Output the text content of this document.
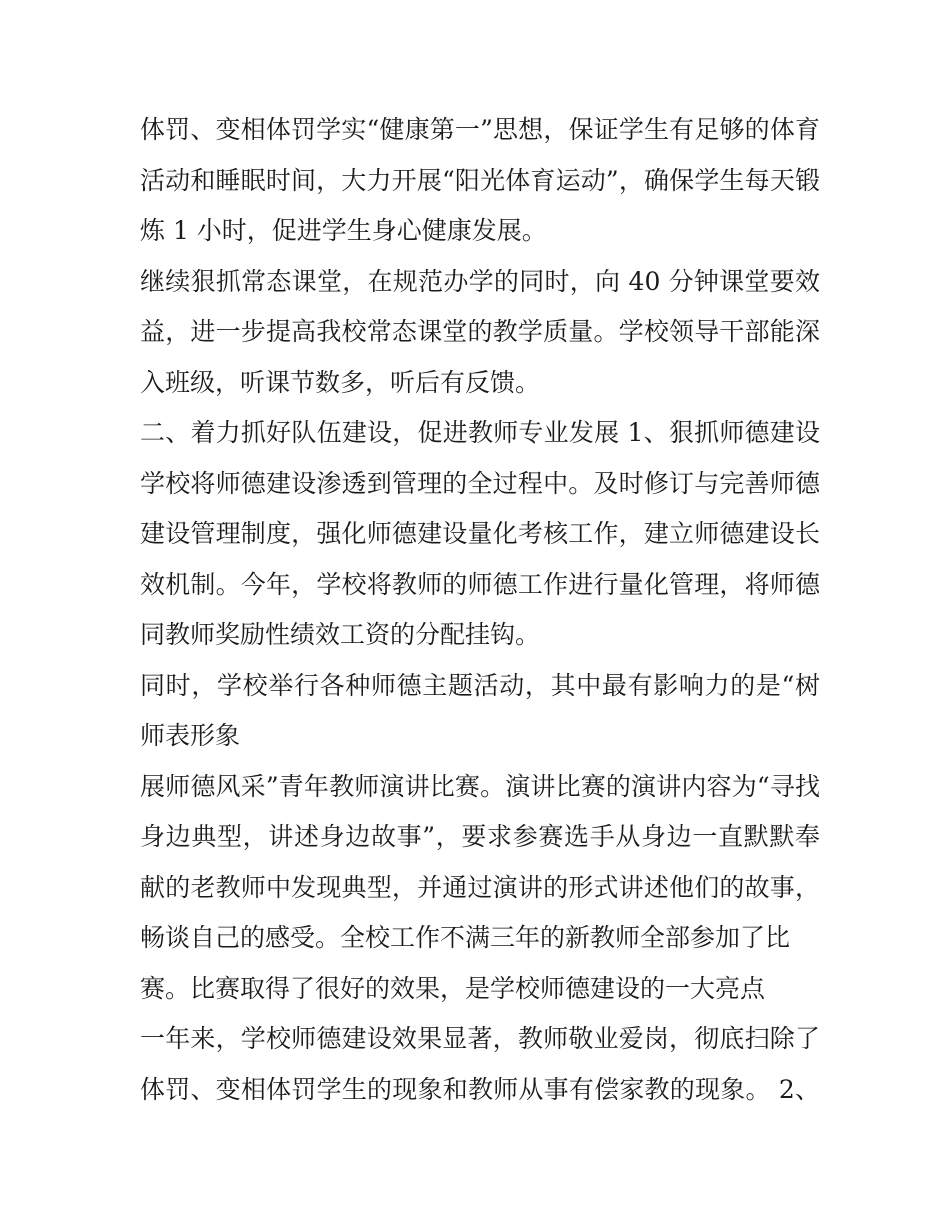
体罚、变相体罚学实“健康第一”思想，保证学生有足够的体育
活动和睡眠时间，大力开展“阳光体育运动”，确保学生每天锻
炼 1 小时，促进学生身心健康发展。
继续狠抓常态课堂，在规范办学的同时，向 40 分钟课堂要效
益，进一步提高我校常态课堂的教学质量。学校领导干部能深
入班级，听课节数多，听后有反馈。
二、着力抓好队伍建设，促进教师专业发展 1、狠抓师德建设
学校将师德建设渗透到管理的全过程中。及时修订与完善师德
建设管理制度，强化师德建设量化考核工作，建立师德建设长
效机制。今年，学校将教师的师德工作进行量化管理，将师德
同教师奖励性绩效工资的分配挂钩。
同时，学校举行各种师德主题活动，其中最有影响力的是“树
师表形象
展师德风采”青年教师演讲比赛。演讲比赛的演讲内容为“寻找
身边典型，讲述身边故事”，要求参赛选手从身边一直默默奉
献的老教师中发现典型，并通过演讲的形式讲述他们的故事，
畅谈自己的感受。全校工作不满三年的新教师全部参加了比
赛。比赛取得了很好的效果，是学校师德建设的一大亮点
一年来，学校师德建设效果显著，教师敬业爱岗，彻底扫除了
体罚、变相体罚学生的现象和教师从事有偿家教的现象。 2、
